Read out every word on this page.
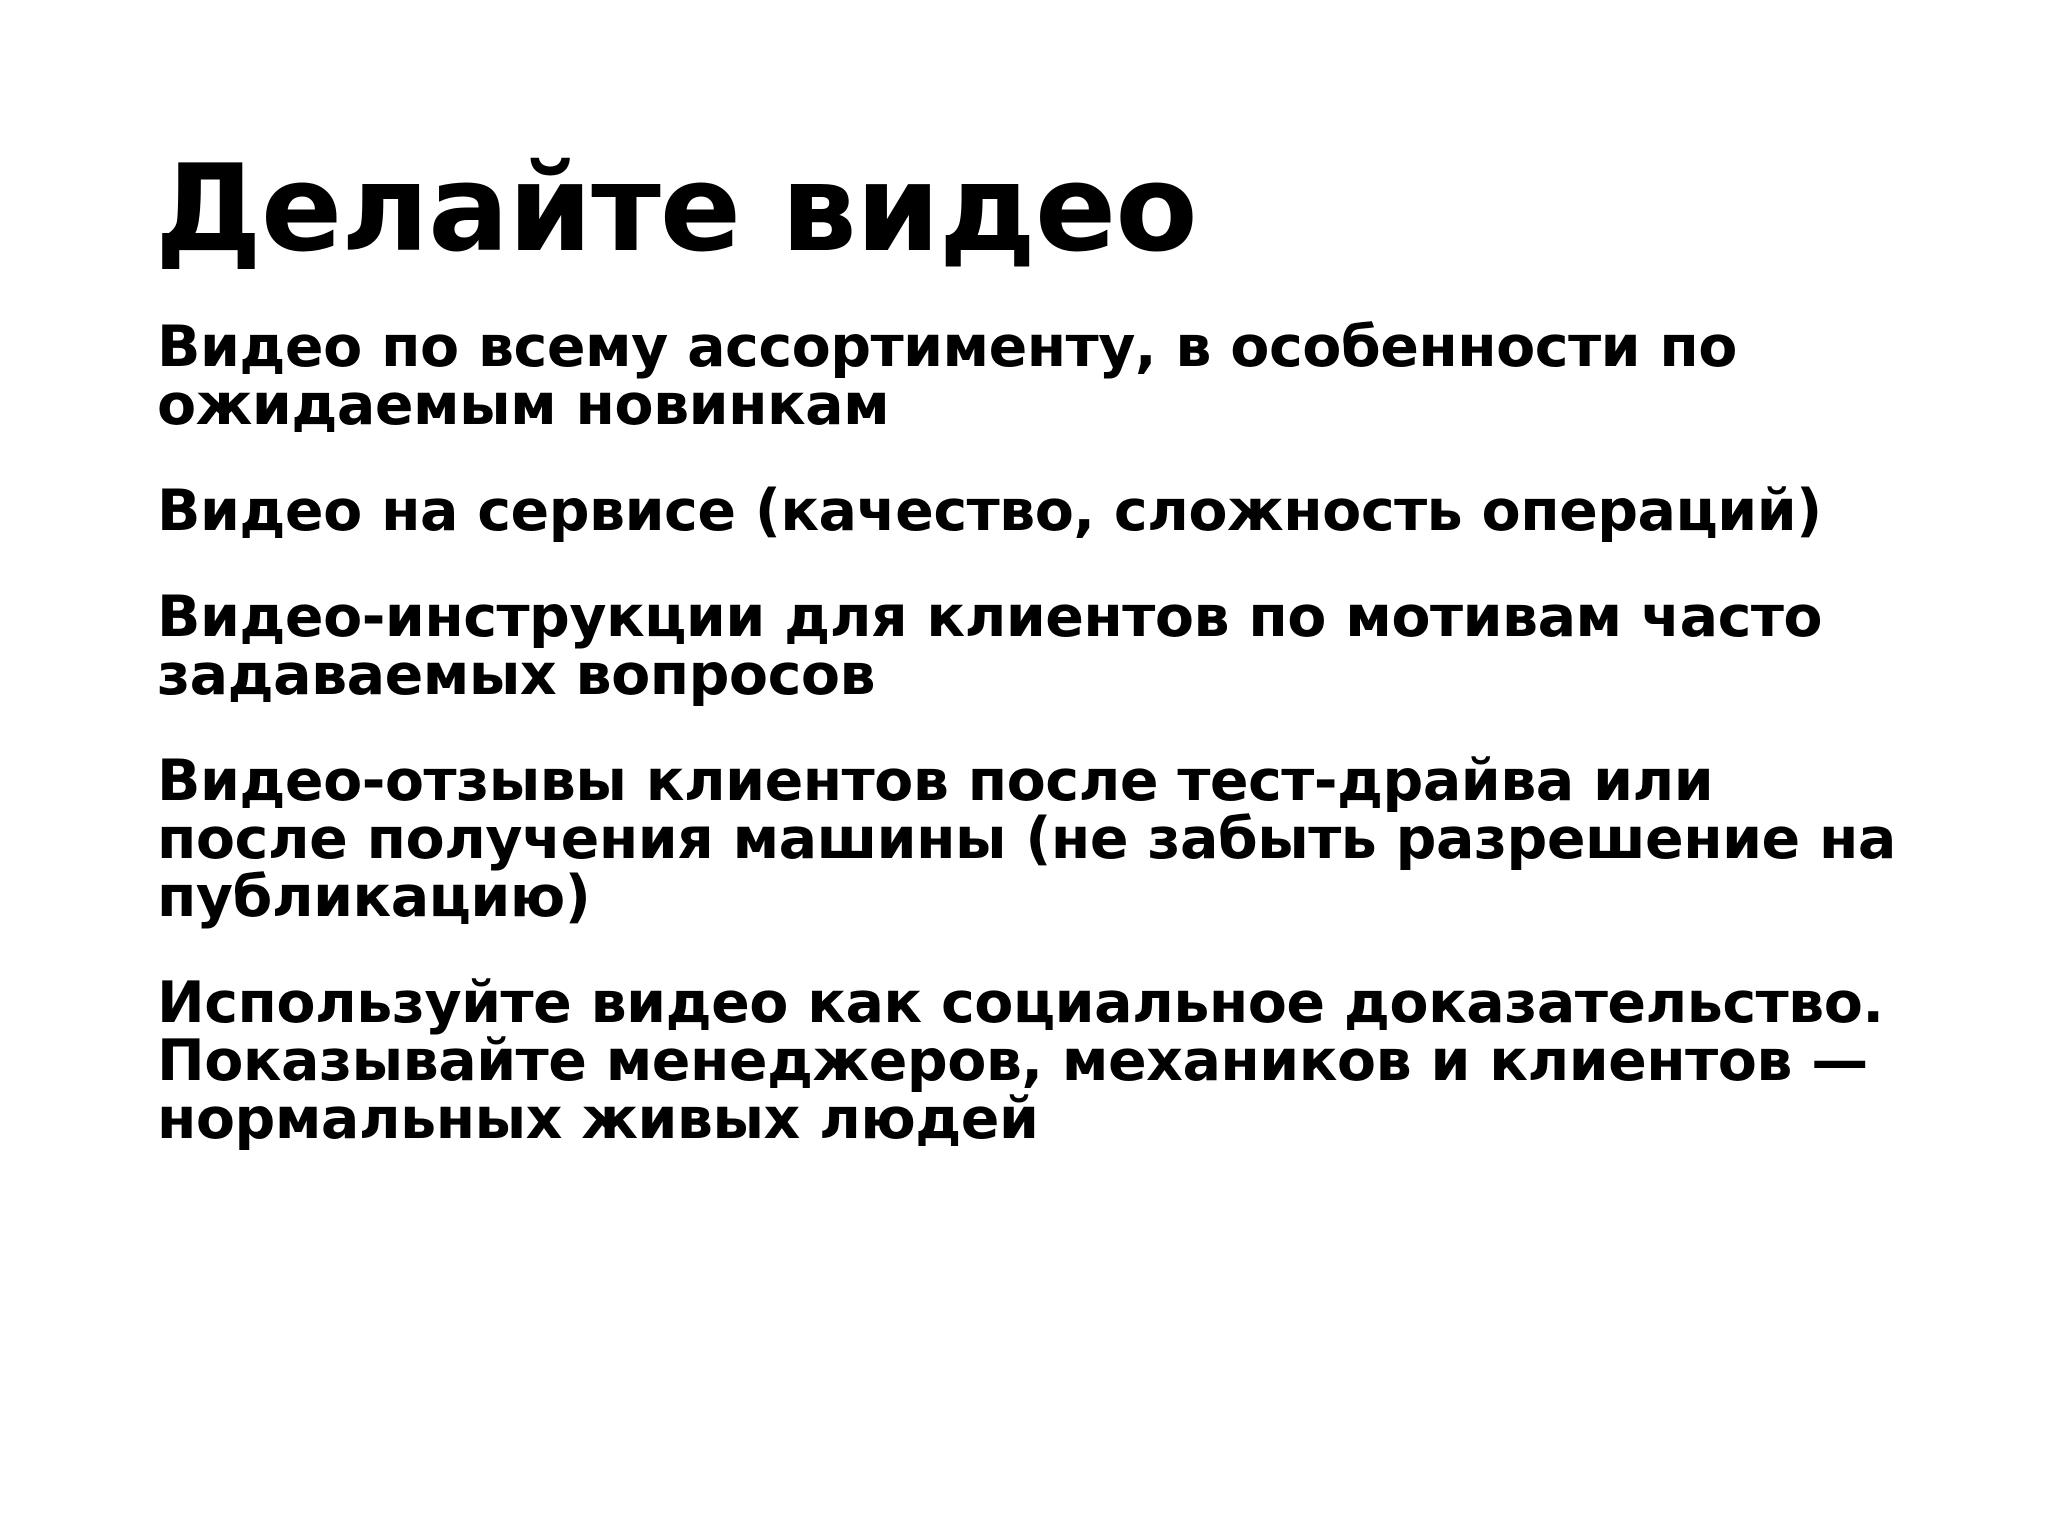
Делайте видео
Видео по всему ассортименту, в особенности по
ожидаемым новинкам
Видео на сервисе (качество, сложность операций)
Видео-инструкции для клиентов по мотивам часто
задаваемых вопросов
Видео-отзывы клиентов после тест-драйва или
после получения машины (не забыть разрешение на
публикацию)
Используйте видео как социальное доказательство.
Показывайте менеджеров, механиков и клиентов —
нормальных живых людей
